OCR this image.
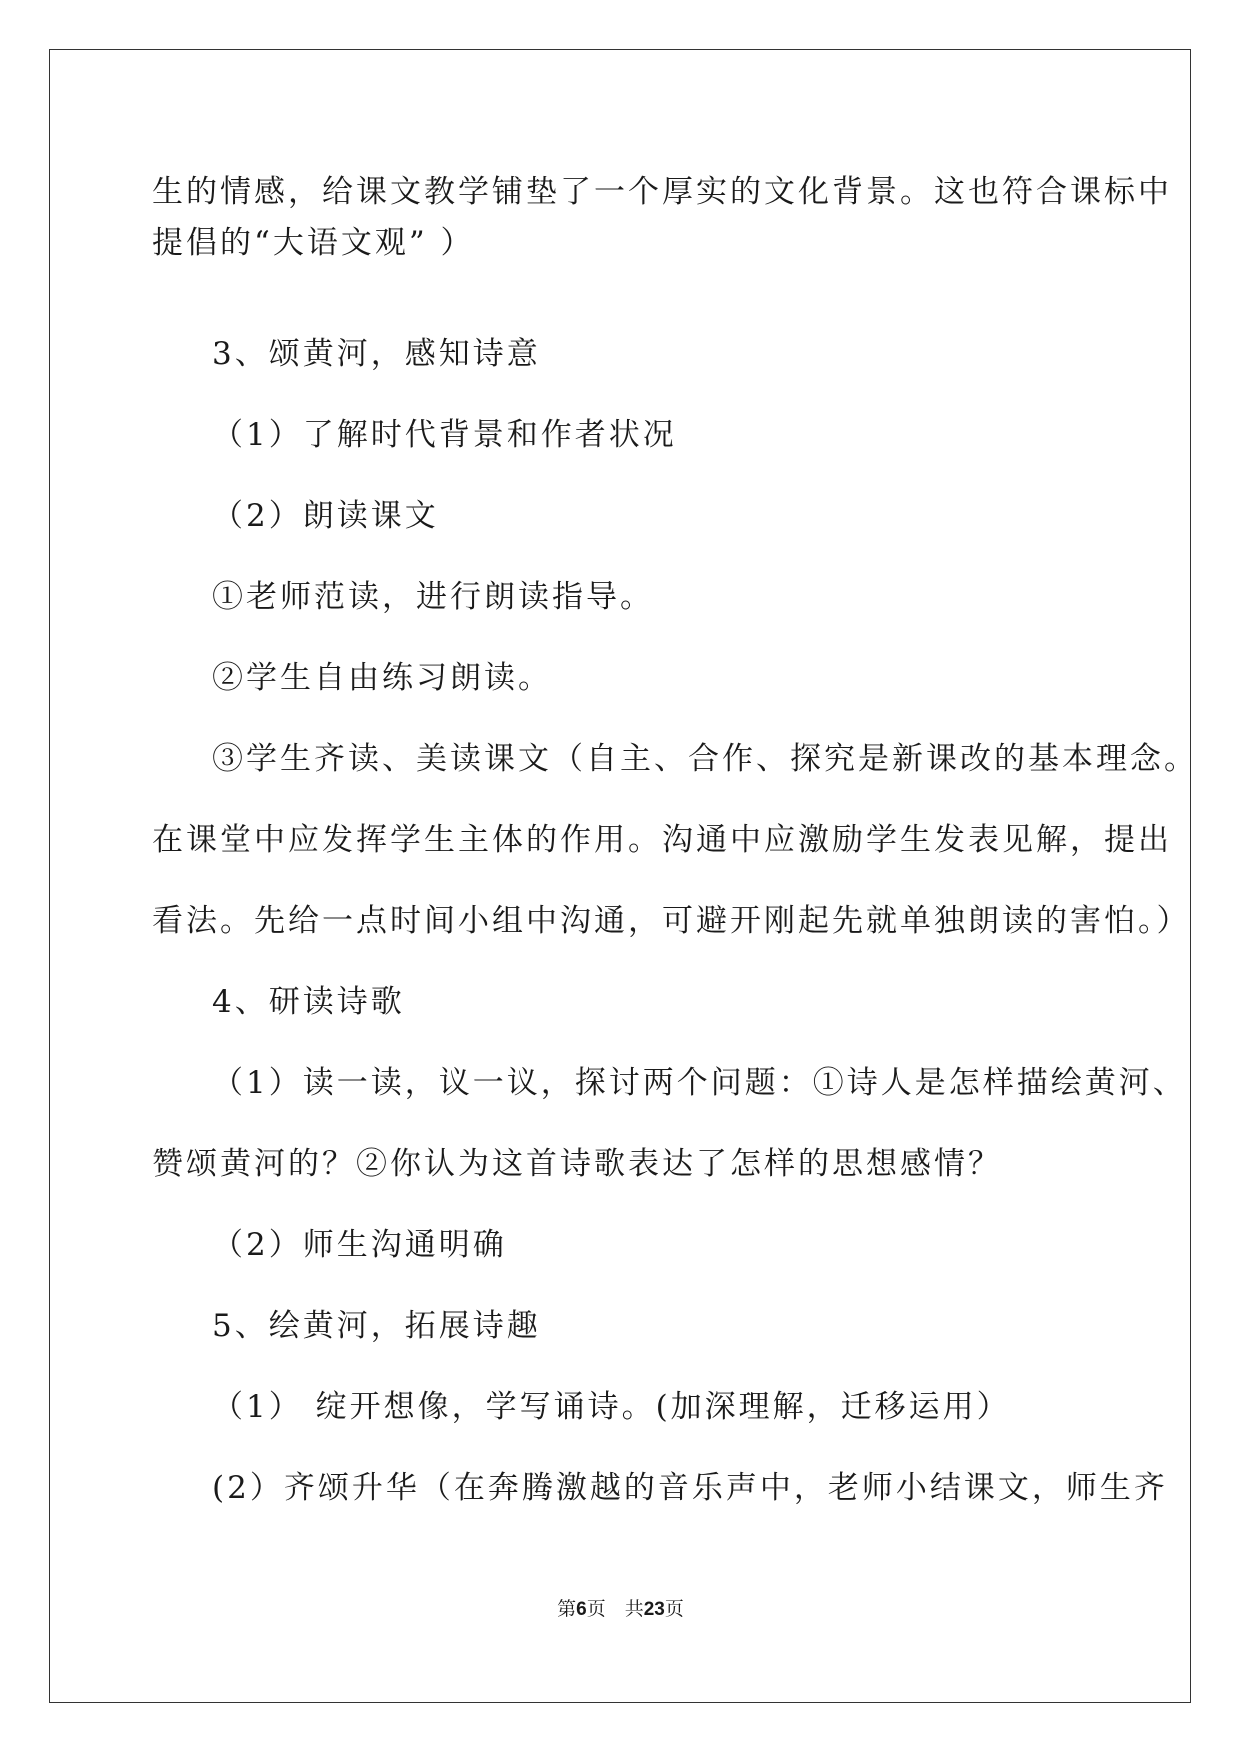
生的情感，给课文教学铺垫了一个厚实的文化背景。这也符合课标中
提倡的“大语文观” ）
3、颂黄河，感知诗意
（1）了解时代背景和作者状况
（2）朗读课文
①老师范读，进行朗读指导。
②学生自由练习朗读。
③学生齐读、美读课文（自主、合作、探究是新课改的基本理念。
在课堂中应发挥学生主体的作用。沟通中应激励学生发表见解，提出
看法。先给一点时间小组中沟通，可避开刚起先就单独朗读的害怕。）
4、研读诗歌
（1）读一读，议一议，探讨两个问题：①诗人是怎样描绘黄河、
赞颂黄河的？②你认为这首诗歌表达了怎样的思想感情？
（2）师生沟通明确
5、绘黄河，拓展诗趣
（1） 绽开想像，学写诵诗。(加深理解，迁移运用）
(2）齐颂升华（在奔腾激越的音乐声中，老师小结课文，师生齐
第6页　共23页
